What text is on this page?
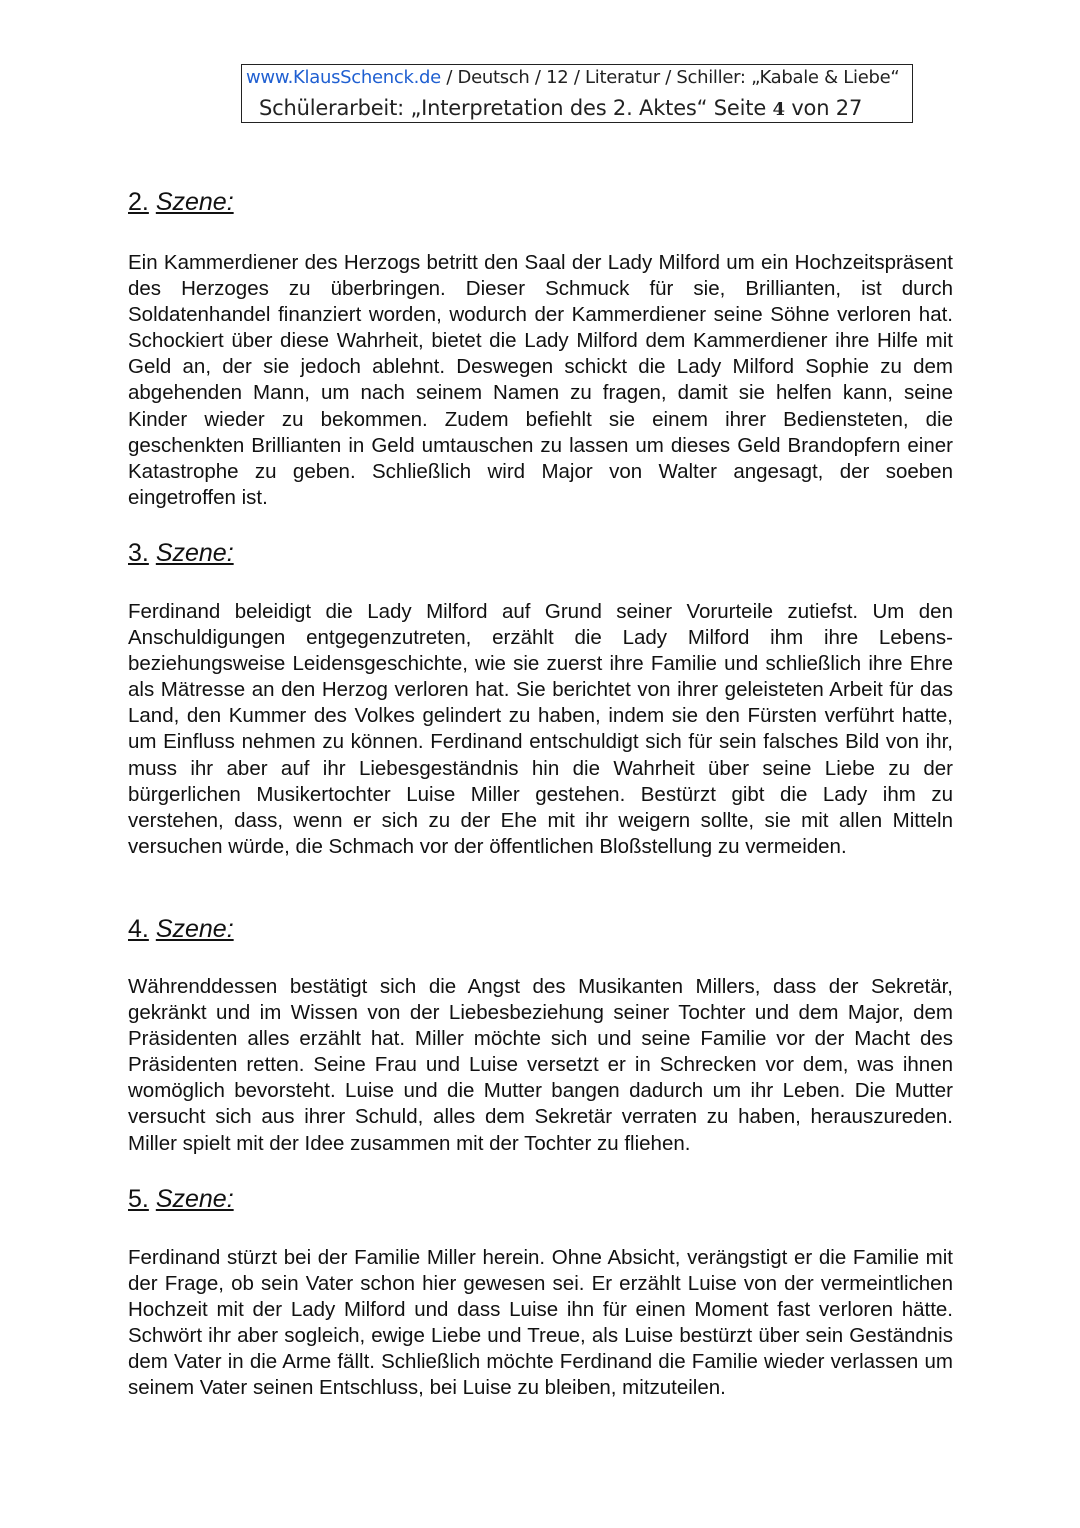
www.KlausSchenck.de / Deutsch / 12 / Literatur / Schiller: „Kabale & Liebe“
Schülerarbeit: „Interpretation des 2. Aktes“ Seite 4 von 27
2. Szene:

Ein Kammerdiener des Herzogs betritt den Saal der Lady Milford um ein Hochzeitspräsent des Herzoges zu überbringen. Dieser Schmuck für sie, Brillianten, ist durch Soldatenhandel finanziert worden, wodurch der Kammerdiener seine Söhne verloren hat. Schockiert über diese Wahrheit, bietet die Lady Milford dem Kammerdiener ihre Hilfe mit Geld an, der sie jedoch ablehnt. Deswegen schickt die Lady Milford Sophie zu dem abgehenden Mann, um nach seinem Namen zu fragen, damit sie helfen kann, seine Kinder wieder zu bekommen. Zudem befiehlt sie einem ihrer Bediensteten, die geschenkten Brillianten in Geld umtauschen zu lassen um dieses Geld Brandopfern einer Katastrophe zu geben. Schließlich wird Major von Walter angesagt, der soeben eingetroffen ist.

3. Szene:

Ferdinand beleidigt die Lady Milford auf Grund seiner Vorurteile zutiefst. Um den Anschuldigungen entgegenzutreten, erzählt die Lady Milford ihm ihre Lebens- beziehungsweise Leidensgeschichte, wie sie zuerst ihre Familie und schließlich ihre Ehre als Mätresse an den Herzog verloren hat. Sie berichtet von ihrer geleisteten Arbeit für das Land, den Kummer des Volkes gelindert zu haben, indem sie den Fürsten verführt hatte, um Einfluss nehmen zu können. Ferdinand entschuldigt sich für sein falsches Bild von ihr, muss ihr aber auf ihr Liebesgeständnis hin die Wahrheit über seine Liebe zu der bürgerlichen Musikertochter Luise Miller gestehen. Bestürzt gibt die Lady ihm zu verstehen, dass, wenn er sich zu der Ehe mit ihr weigern sollte, sie mit allen Mitteln versuchen würde, die Schmach vor der öffentlichen Bloßstellung zu vermeiden.

4. Szene:

Währenddessen bestätigt sich die Angst des Musikanten Millers, dass der Sekretär, gekränkt und im Wissen von der Liebesbeziehung seiner Tochter und dem Major, dem Präsidenten alles erzählt hat. Miller möchte sich und seine Familie vor der Macht des Präsidenten retten. Seine Frau und Luise versetzt er in Schrecken vor dem, was ihnen womöglich bevorsteht. Luise und die Mutter bangen dadurch um ihr Leben. Die Mutter versucht sich aus ihrer Schuld, alles dem Sekretär verraten zu haben, herauszureden. Miller spielt mit der Idee zusammen mit der Tochter zu fliehen.

5. Szene:

Ferdinand stürzt bei der Familie Miller herein. Ohne Absicht, verängstigt er die Familie mit der Frage, ob sein Vater schon hier gewesen sei. Er erzählt Luise von der vermeintlichen Hochzeit mit der Lady Milford und dass Luise ihn für einen Moment fast verloren hätte. Schwört ihr aber sogleich, ewige Liebe und Treue, als Luise bestürzt über sein Geständnis dem Vater in die Arme fällt. Schließlich möchte Ferdinand die Familie wieder verlassen um seinem Vater seinen Entschluss, bei Luise zu bleiben, mitzuteilen.
